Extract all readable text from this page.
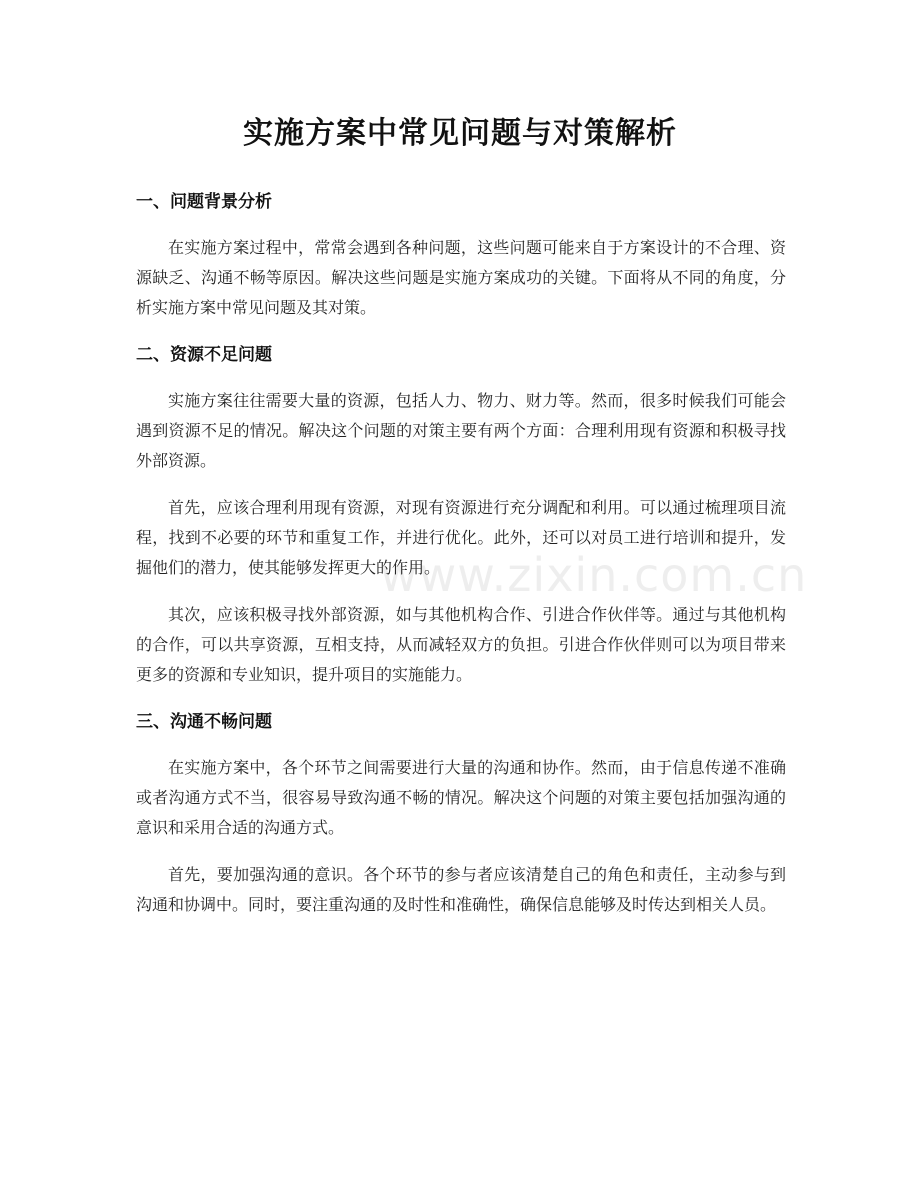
实施方案中常见问题与对策解析
www.zixin.com.cn
一、问题背景分析

在实施方案过程中，常常会遇到各种问题，这些问题可能来自于方案设计的不合理、资源缺乏、沟通不畅等原因。解决这些问题是实施方案成功的关键。下面将从不同的角度，分析实施方案中常见问题及其对策。

二、资源不足问题

实施方案往往需要大量的资源，包括人力、物力、财力等。然而，很多时候我们可能会遇到资源不足的情况。解决这个问题的对策主要有两个方面：合理利用现有资源和积极寻找外部资源。

首先，应该合理利用现有资源，对现有资源进行充分调配和利用。可以通过梳理项目流程，找到不必要的环节和重复工作，并进行优化。此外，还可以对员工进行培训和提升，发掘他们的潜力，使其能够发挥更大的作用。

其次，应该积极寻找外部资源，如与其他机构合作、引进合作伙伴等。通过与其他机构的合作，可以共享资源，互相支持，从而减轻双方的负担。引进合作伙伴则可以为项目带来更多的资源和专业知识，提升项目的实施能力。

三、沟通不畅问题

在实施方案中，各个环节之间需要进行大量的沟通和协作。然而，由于信息传递不准确或者沟通方式不当，很容易导致沟通不畅的情况。解决这个问题的对策主要包括加强沟通的意识和采用合适的沟通方式。

首先，要加强沟通的意识。各个环节的参与者应该清楚自己的角色和责任，主动参与到沟通和协调中。同时，要注重沟通的及时性和准确性，确保信息能够及时传达到相关人员。
